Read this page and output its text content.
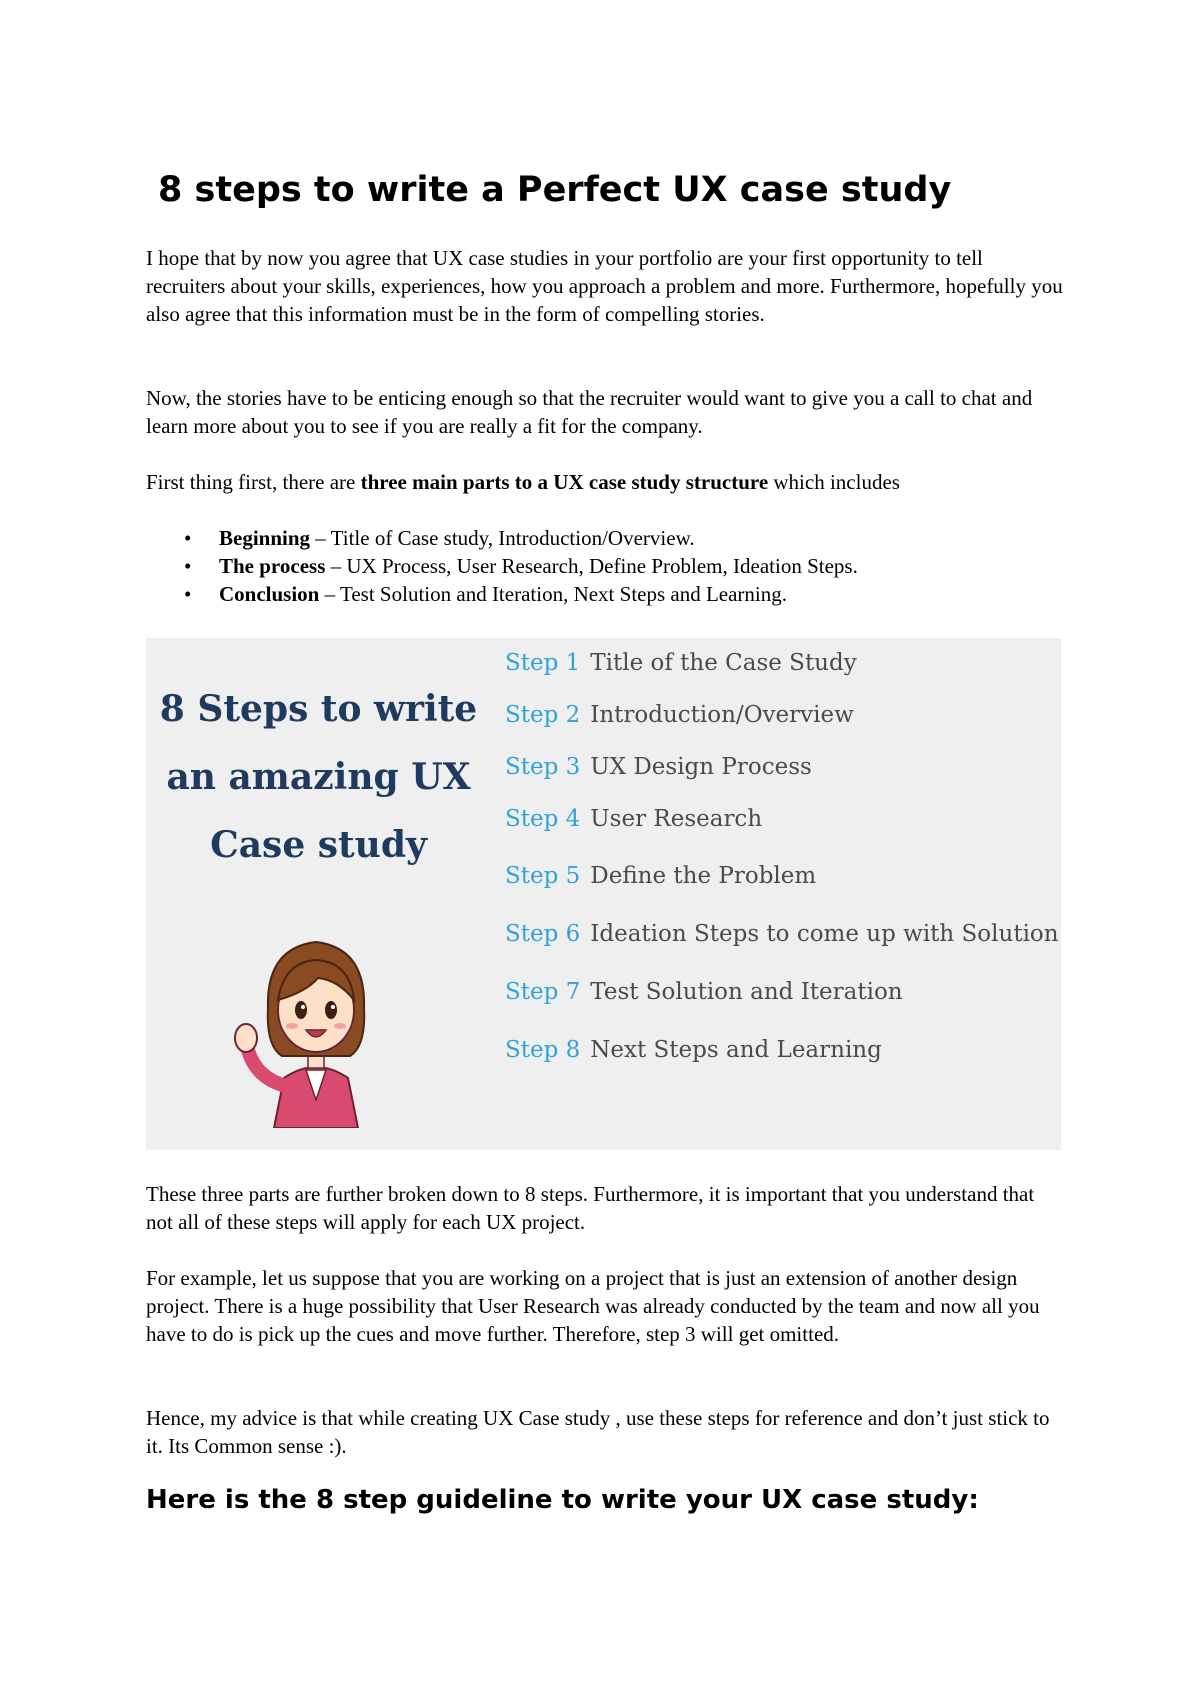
8 steps to write a Perfect UX case study

I hope that by now you agree that UX case studies in your portfolio are your first opportunity to tell recruiters about your skills, experiences, how you approach a problem and more. Furthermore, hopefully you also agree that this information must be in the form of compelling stories.

Now, the stories have to be enticing enough so that the recruiter would want to give you a call to chat and learn more about you to see if you are really a fit for the company.

First thing first, there are three main parts to a UX case study structure which includes

• Beginning – Title of Case study, Introduction/Overview.
• The process – UX Process, User Research, Define Problem, Ideation Steps.
• Conclusion – Test Solution and Iteration, Next Steps and Learning.
8 Steps to write
an amazing UX
Case study
Step 1 Title of the Case Study
Step 2 Introduction/Overview
Step 3 UX Design Process
Step 4 User Research
Step 5 Define the Problem
Step 6 Ideation Steps to come up with Solution
Step 7 Test Solution and Iteration
Step 8 Next Steps and Learning

These three parts are further broken down to 8 steps. Furthermore, it is important that you understand that not all of these steps will apply for each UX project.

For example, let us suppose that you are working on a project that is just an extension of another design project. There is a huge possibility that User Research was already conducted by the team and now all you have to do is pick up the cues and move further. Therefore, step 3 will get omitted.

Hence, my advice is that while creating UX Case study , use these steps for reference and don’t just stick to it. Its Common sense :).

Here is the 8 step guideline to write your UX case study:
